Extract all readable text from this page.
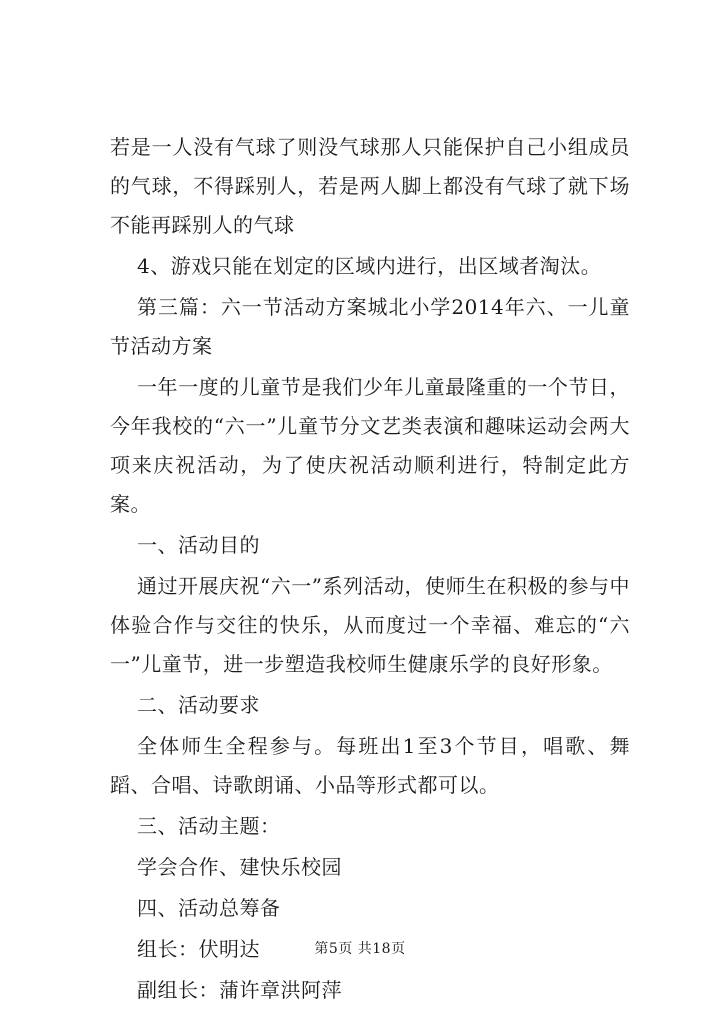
若是一人没有气球了则没气球那人只能保护自己小组成员的气球，不得踩别人，若是两人脚上都没有气球了就下场不能再踩别人的气球

4、游戏只能在划定的区域内进行，出区域者淘汰。

第三篇：六一节活动方案城北小学2014年六、一儿童节活动方案

一年一度的儿童节是我们少年儿童最隆重的一个节日，今年我校的“六一”儿童节分文艺类表演和趣味运动会两大项来庆祝活动，为了使庆祝活动顺利进行，特制定此方案。

一、活动目的

通过开展庆祝“六一”系列活动，使师生在积极的参与中体验合作与交往的快乐，从而度过一个幸福、难忘的“六一”儿童节，进一步塑造我校师生健康乐学的良好形象。

二、活动要求

全体师生全程参与。每班出1至3个节目，唱歌、舞蹈、合唱、诗歌朗诵、小品等形式都可以。

三、活动主题：

学会合作、建快乐校园

四、活动总筹备

组长：伏明达

副组长：蒲许章洪阿萍

第5页 共18页
